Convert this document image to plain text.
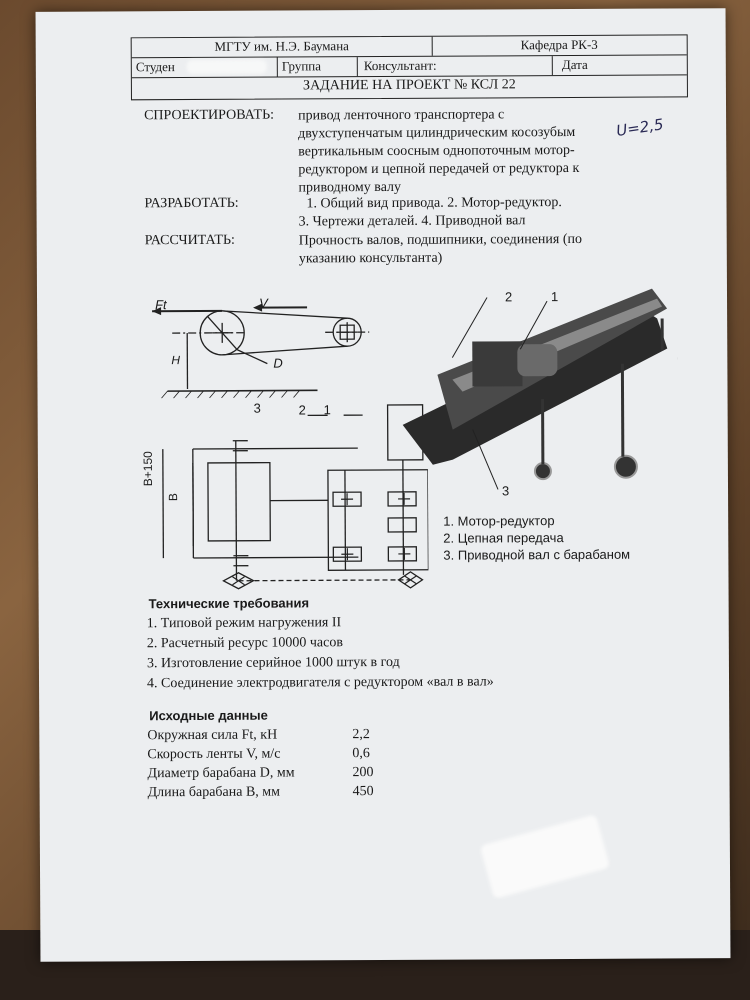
МГТУ им. Н.Э. Баумана	Кафедра РК-3
Студен	Группа	Консультант:	Дата
ЗАДАНИЕ НА ПРОЕКТ № КСЛ 22
СПРОЕКТИРОВАТЬ: привод ленточного транспортера с
двухступенчатым цилиндрическим косозубым
вертикальным соосным однопоточным мотор-
редуктором и цепной передачей от редуктора к
приводному валу
U=2,5
РАЗРАБОТАТЬ:	1. Общий вид привода. 2. Мотор-редуктор.
3. Чертежи деталей. 4. Приводной вал
РАССЧИТАТЬ:	Прочность валов, подшипники, соединения (по
указанию консультанта)
Ft	V
H	D
B+150
B
3	2 1
2	1
3
1. Мотор-редуктор
2. Цепная передача
3. Приводной вал с барабаном
Технические требования
1. Типовой режим нагружения II
2. Расчетный ресурс 10000 часов
3. Изготовление серийное 1000 штук в год
4. Соединение электродвигателя с редуктором «вал в вал»
Исходные данные
Окружная сила Ft, кН	2,2
Скорость ленты V, м/с	0,6
Диаметр барабана D, мм	200
Длина барабана B, мм	450
